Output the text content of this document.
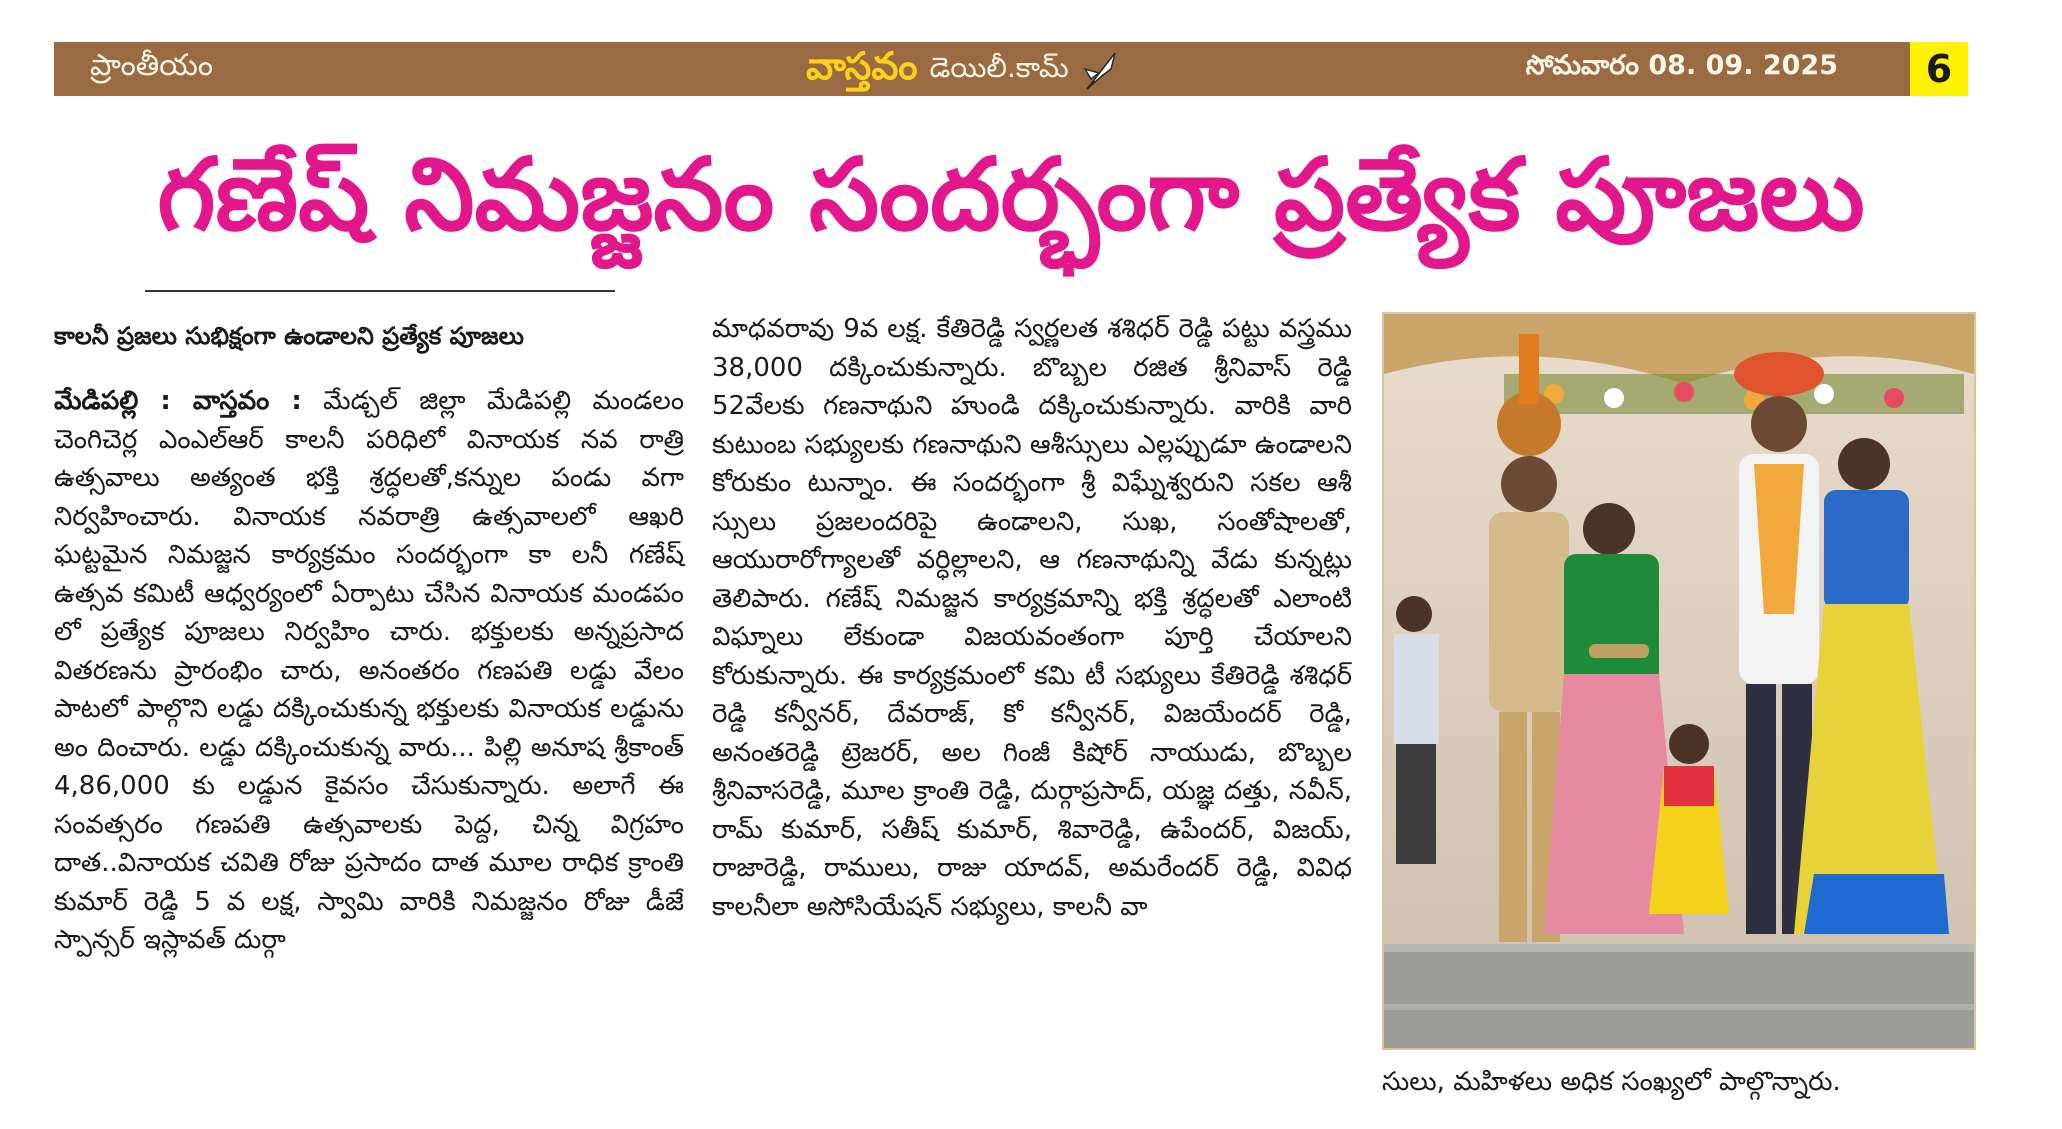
ప్రాంతీయం	వాస్తవం డెయిలీ.కామ్	సోమవారం 08. 09. 2025	6
గణేష్ నిమజ్జనం సందర్భంగా ప్రత్యేక పూజలు
కాలనీ ప్రజలు సుభిక్షంగా ఉండాలని ప్రత్యేక పూజలు

మేడిపల్లి : వాస్తవం : మేడ్చల్ జిల్లా మేడిపల్లి మండలం చెంగిచెర్ల ఎంఎల్ఆర్ కాలనీ పరిధిలో వినాయక నవ రాత్రి ఉత్సవాలు అత్యంత భక్తి శ్రద్ధలతో,కన్నుల పండు వగా నిర్వహించారు. వినాయక నవరాత్రి ఉత్సవాలలో ఆఖరి ఘట్టమైన నిమజ్జన కార్యక్రమం సందర్భంగా కా లనీ గణేష్ ఉత్సవ కమిటీ ఆధ్వర్యంలో ఏర్పాటు చేసిన వినాయక మండపం లో ప్రత్యేక పూజలు నిర్వహిం చారు. భక్తులకు అన్నప్రసాద వితరణను ప్రారంభిం చారు, అనంతరం గణపతి లడ్డు వేలం పాటలో పాల్గొని లడ్డు దక్కించుకున్న భక్తులకు వినాయక లడ్డును అం దించారు. లడ్డు దక్కించుకున్న వారు... పిల్లి అనూష శ్రీకాంత్ 4,86,000 కు లడ్డున కైవసం చేసుకున్నారు. అలాగే ఈ సంవత్సరం గణపతి ఉత్సవాలకు పెద్ద, చిన్న విగ్రహం దాత..వినాయక చవితి రోజు ప్రసాదం దాత మూల రాధిక క్రాంతి కుమార్ రెడ్డి 5 వ లక్ష, స్వామి వారికి నిమజ్జనం రోజు డీజే స్పాన్సర్ ఇస్లావత్ దుర్గా

మాధవరావు 9వ లక్ష. కేతిరెడ్డి స్వర్ణలత శశిధర్ రెడ్డి పట్టు వస్త్రము 38,000 దక్కించుకున్నారు. బొబ్బల రజిత శ్రీనివాస్ రెడ్డి 52వేలకు గణనాథుని హుండి దక్కించుకున్నారు. వారికి వారి కుటుంబ సభ్యులకు గణనాథుని ఆశీస్సులు ఎల్లప్పుడూ ఉండాలని కోరుకుం టున్నాం. ఈ సందర్భంగా శ్రీ విఘ్నేశ్వరుని సకల ఆశీ స్సులు ప్రజలందరిపై ఉండాలని, సుఖ, సంతోషాలతో, ఆయురారోగ్యాలతో వర్ధిల్లాలని, ఆ గణనాథున్ని వేడు కున్నట్లు తెలిపారు. గణేష్ నిమజ్జన కార్యక్రమాన్ని భక్తి శ్రద్ధలతో ఎలాంటి విఘ్నాలు లేకుండా విజయవంతంగా పూర్తి చేయాలని కోరుకున్నారు. ఈ కార్యక్రమంలో కమి టీ సభ్యులు కేతిరెడ్డి శశిధర్ రెడ్డి కన్వీనర్, దేవరాజ్, కో కన్వీనర్, విజయేందర్ రెడ్డి, అనంతరెడ్డి ట్రెజరర్, అల గింజీ కిషోర్ నాయుడు, బొబ్బల శ్రీనివాసరెడ్డి, మూల క్రాంతి రెడ్డి, దుర్గాప్రసాద్, యజ్ఞ దత్తు, నవీన్, రామ్ కుమార్, సతీష్ కుమార్, శివారెడ్డి, ఉపేందర్, విజయ్, రాజారెడ్డి, రాములు, రాజు యాదవ్, అమరేందర్ రెడ్డి, వివిధ కాలనీలా అసోసియేషన్ సభ్యులు, కాలనీ వా

సులు, మహిళలు అధిక సంఖ్యలో పాల్గొన్నారు.
